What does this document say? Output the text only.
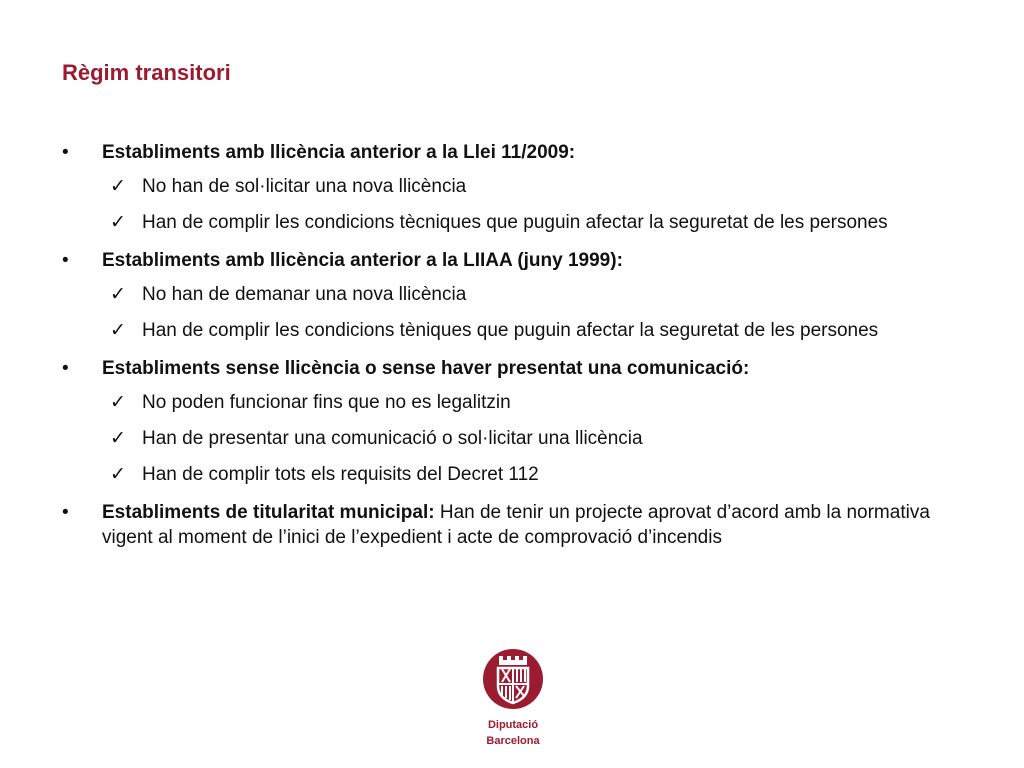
Règim transitori
•	Establiments amb llicència anterior a la Llei 11/2009:
✓ No han de sol·licitar una nova llicència
✓ Han de complir les condicions tècniques que puguin afectar la seguretat de les persones
•	Establiments amb llicència anterior a la LIIAA (juny 1999):
✓ No han de demanar una nova llicència
✓ Han de complir les condicions tèniques que puguin afectar la seguretat de les persones
•	Establiments sense llicència o sense haver presentat una comunicació:
✓ No poden funcionar fins que no es legalitzin
✓ Han de presentar una comunicació o sol·licitar una llicència
✓ Han de complir tots els requisits del Decret 112
•	Establiments de titularitat municipal: Han de tenir un projecte aprovat d’acord amb la normativa vigent al moment de l’inici de l’expedient i acte de comprovació d’incendis
Diputació
Barcelona
